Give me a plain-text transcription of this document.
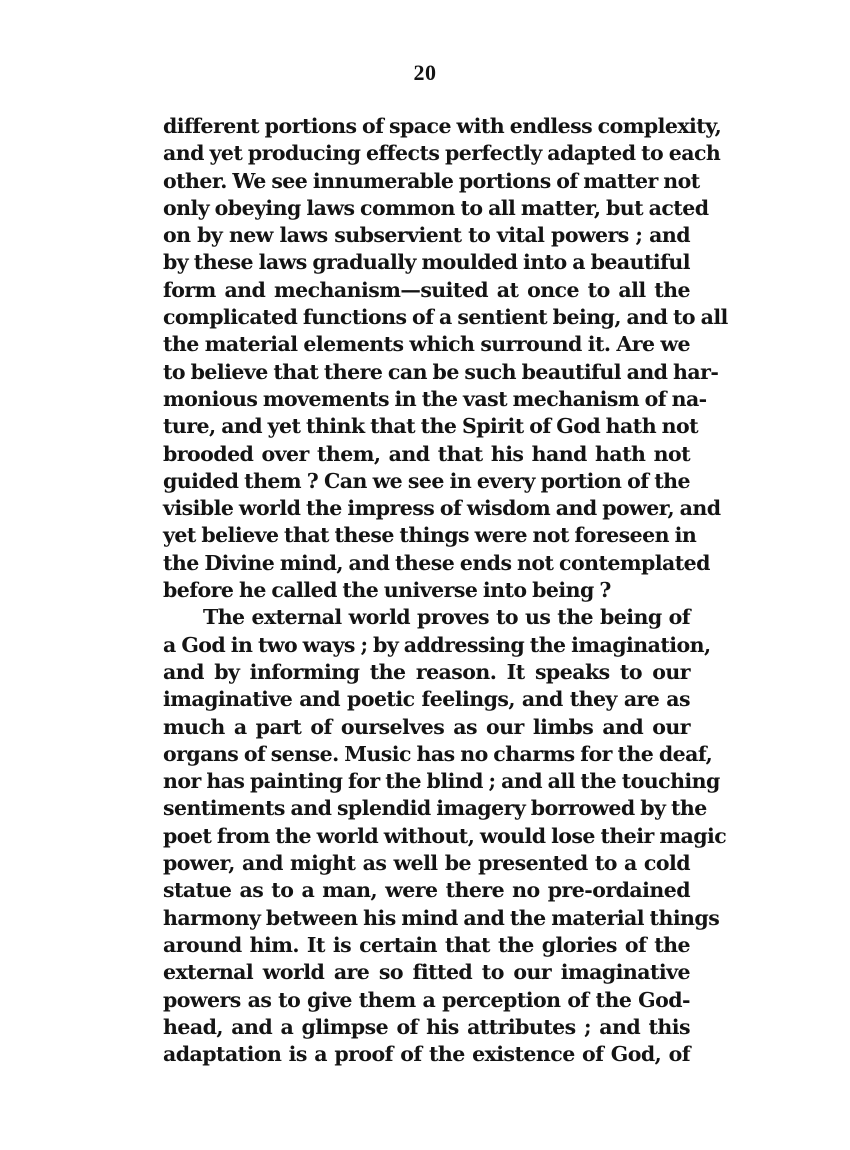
20
different portions of space with endless complexity,
and yet producing effects perfectly adapted to each
other. We see innumerable portions of matter not
only obeying laws common to all matter, but acted
on by new laws subservient to vital powers ; and
by these laws gradually moulded into a beautiful
form and mechanism—suited at once to all the
complicated functions of a sentient being, and to all
the material elements which surround it. Are we
to believe that there can be such beautiful and har-
monious movements in the vast mechanism of na-
ture, and yet think that the Spirit of God hath not
brooded over them, and that his hand hath not
guided them ? Can we see in every portion of the
visible world the impress of wisdom and power, and
yet believe that these things were not foreseen in
the Divine mind, and these ends not contemplated
before he called the universe into being ?
The external world proves to us the being of
a God in two ways ; by addressing the imagination,
and by informing the reason. It speaks to our
imaginative and poetic feelings, and they are as
much a part of ourselves as our limbs and our
organs of sense. Music has no charms for the deaf,
nor has painting for the blind ; and all the touching
sentiments and splendid imagery borrowed by the
poet from the world without, would lose their magic
power, and might as well be presented to a cold
statue as to a man, were there no pre-ordained
harmony between his mind and the material things
around him. It is certain that the glories of the
external world are so fitted to our imaginative
powers as to give them a perception of the God-
head, and a glimpse of his attributes ; and this
adaptation is a proof of the existence of God, of
